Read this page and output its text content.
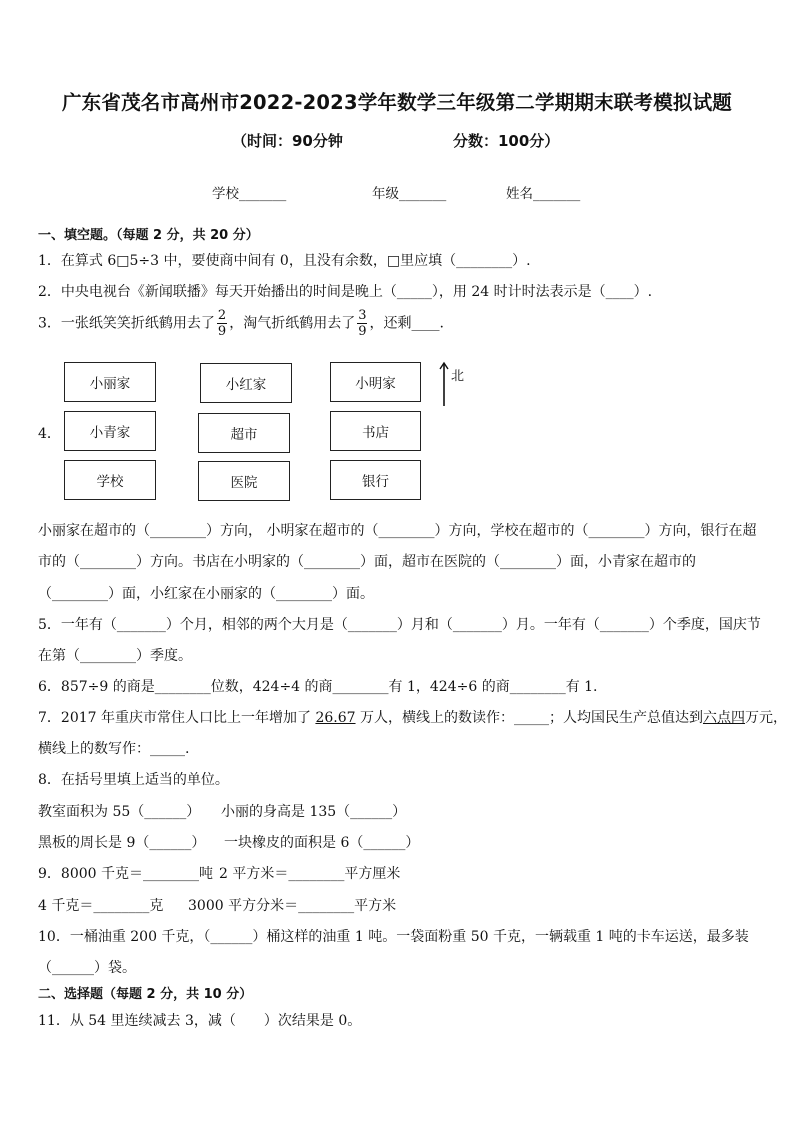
广东省茂名市高州市2022-2023学年数学三年级第二学期期末联考模拟试题
（时间：90分钟	分数：100分）
学校_______	年级_______	姓名_______
一、填空题。（每题 2 分，共 20 分）
1．在算式 6□5÷3 中，要使商中间有 0，且没有余数，□里应填（________）.
2．中央电视台《新闻联播》每天开始播出的时间是晚上（_____），用 24 时计时法表示是（____）.
3．一张纸笑笑折纸鹤用去了 $\frac{2}{9}$ ，淘气折纸鹤用去了 $\frac{3}{9}$ ，还剩____.
4．
小丽家	小红家	小明家
小青家	超市	书店
学校	医院	银行
北
小丽家在超市的（________）方向， 小明家在超市的（________）方向，学校在超市的（________）方向，银行在超
市的（________）方向。书店在小明家的（________）面，超市在医院的（________）面，小青家在超市的
（________）面，小红家在小丽家的（________）面。
5．一年有（_______）个月，相邻的两个大月是（_______）月和（_______）月。一年有（_______）个季度，国庆节
在第（________）季度。
6．857÷9 的商是________位数，424÷4 的商________有 1，424÷6 的商________有 1.
7．2017 年重庆市常住人口比上一年增加了 26.67 万人，横线上的数读作：_____；人均国民生产总值达到六点四万元，
横线上的数写作：_____.
8．在括号里填上适当的单位。
教室面积为 55（______） 小丽的身高是 135（______）
黑板的周长是 9（______） 一块橡皮的面积是 6（______）
9．8000 千克＝________吨 2 平方米＝________平方厘米
4 千克＝________克 3000 平方分米＝________平方米
10．一桶油重 200 千克，（______）桶这样的油重 1 吨。一袋面粉重 50 千克，一辆载重 1 吨的卡车运送，最多装
（______）袋。
二、选择题（每题 2 分，共 10 分）
11．从 54 里连续减去 3，减（　　）次结果是 0。
